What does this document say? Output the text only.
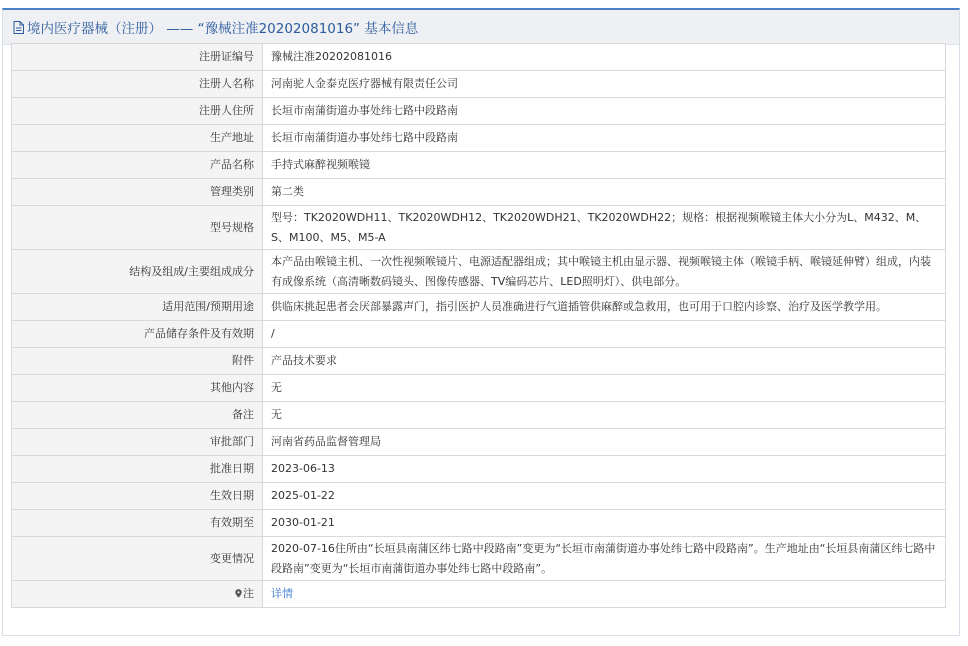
境内医疗器械（注册） —— “豫械注准20202081016” 基本信息
注册证编号	豫械注准20202081016
注册人名称	河南驼人金泰克医疗器械有限责任公司
注册人住所	长垣市南蒲街道办事处纬七路中段路南
生产地址	长垣市南蒲街道办事处纬七路中段路南
产品名称	手持式麻醉视频喉镜
管理类别	第二类
型号规格	型号：TK2020WDH11、TK2020WDH12、TK2020WDH21、TK2020WDH22；规格：根据视频喉镜主体大小分为L、M432、M、S、M100、M5、M5-A
结构及组成/主要组成成分	本产品由喉镜主机、一次性视频喉镜片、电源适配器组成；其中喉镜主机由显示器、视频喉镜主体（喉镜手柄、喉镜延伸臂）组成，内装有成像系统（高清晰数码镜头、图像传感器、TV编码芯片、LED照明灯）、供电部分。
适用范围/预期用途	供临床挑起患者会厌部暴露声门，指引医护人员准确进行气道插管供麻醉或急救用，也可用于口腔内诊察、治疗及医学教学用。
产品储存条件及有效期	/
附件	产品技术要求
其他内容	无
备注	无
审批部门	河南省药品监督管理局
批准日期	2023-06-13
生效日期	2025-01-22
有效期至	2030-01-21
变更情况	2020-07-16住所由“长垣县南蒲区纬七路中段路南”变更为“长垣市南蒲街道办事处纬七路中段路南”。生产地址由“长垣县南蒲区纬七路中段路南”变更为“长垣市南蒲街道办事处纬七路中段路南”。
注	详情
